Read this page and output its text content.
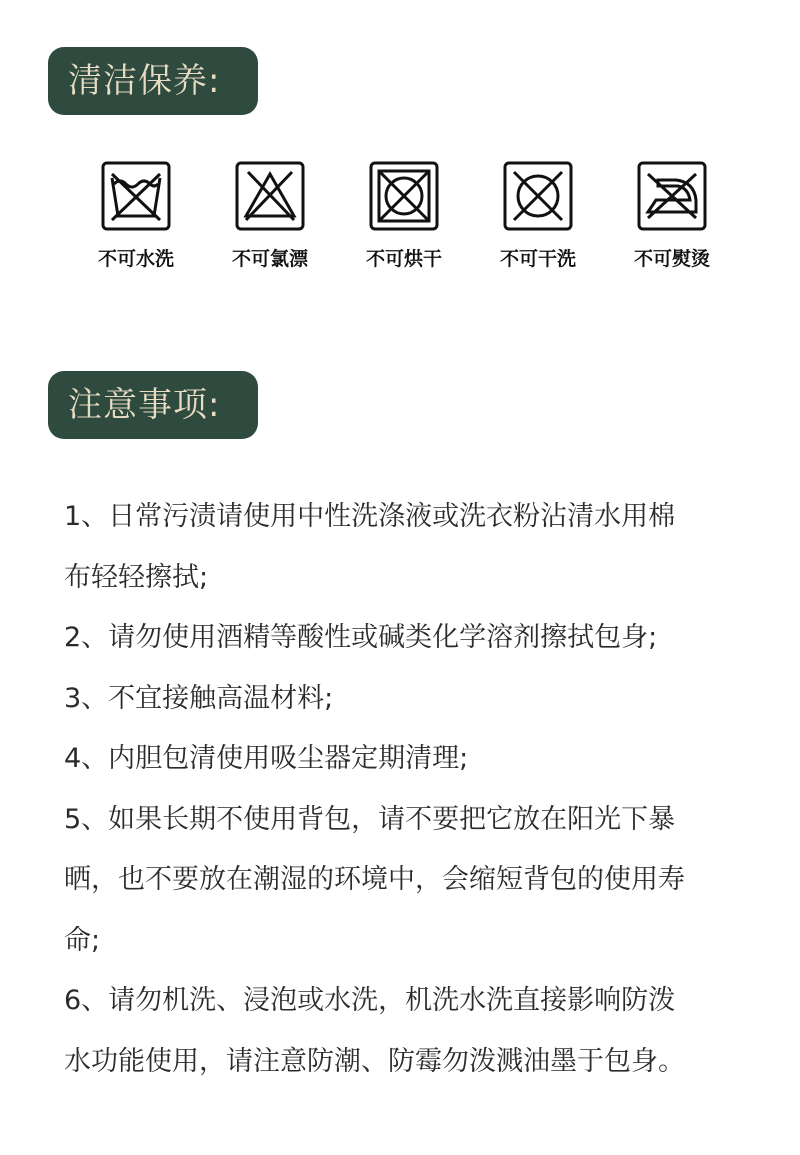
清洁保养:
不可水洗	不可氯漂	不可烘干	不可干洗	不可熨烫
注意事项:
1、日常污渍请使用中性洗涤液或洗衣粉沾清水用棉
布轻轻擦拭;
2、请勿使用酒精等酸性或碱类化学溶剂擦拭包身;
3、不宜接触高温材料;
4、内胆包清使用吸尘器定期清理;
5、如果长期不使用背包，请不要把它放在阳光下暴
晒，也不要放在潮湿的环境中，会缩短背包的使用寿
命;
6、请勿机洗、浸泡或水洗，机洗水洗直接影响防泼
水功能使用，请注意防潮、防霉勿泼溅油墨于包身。
